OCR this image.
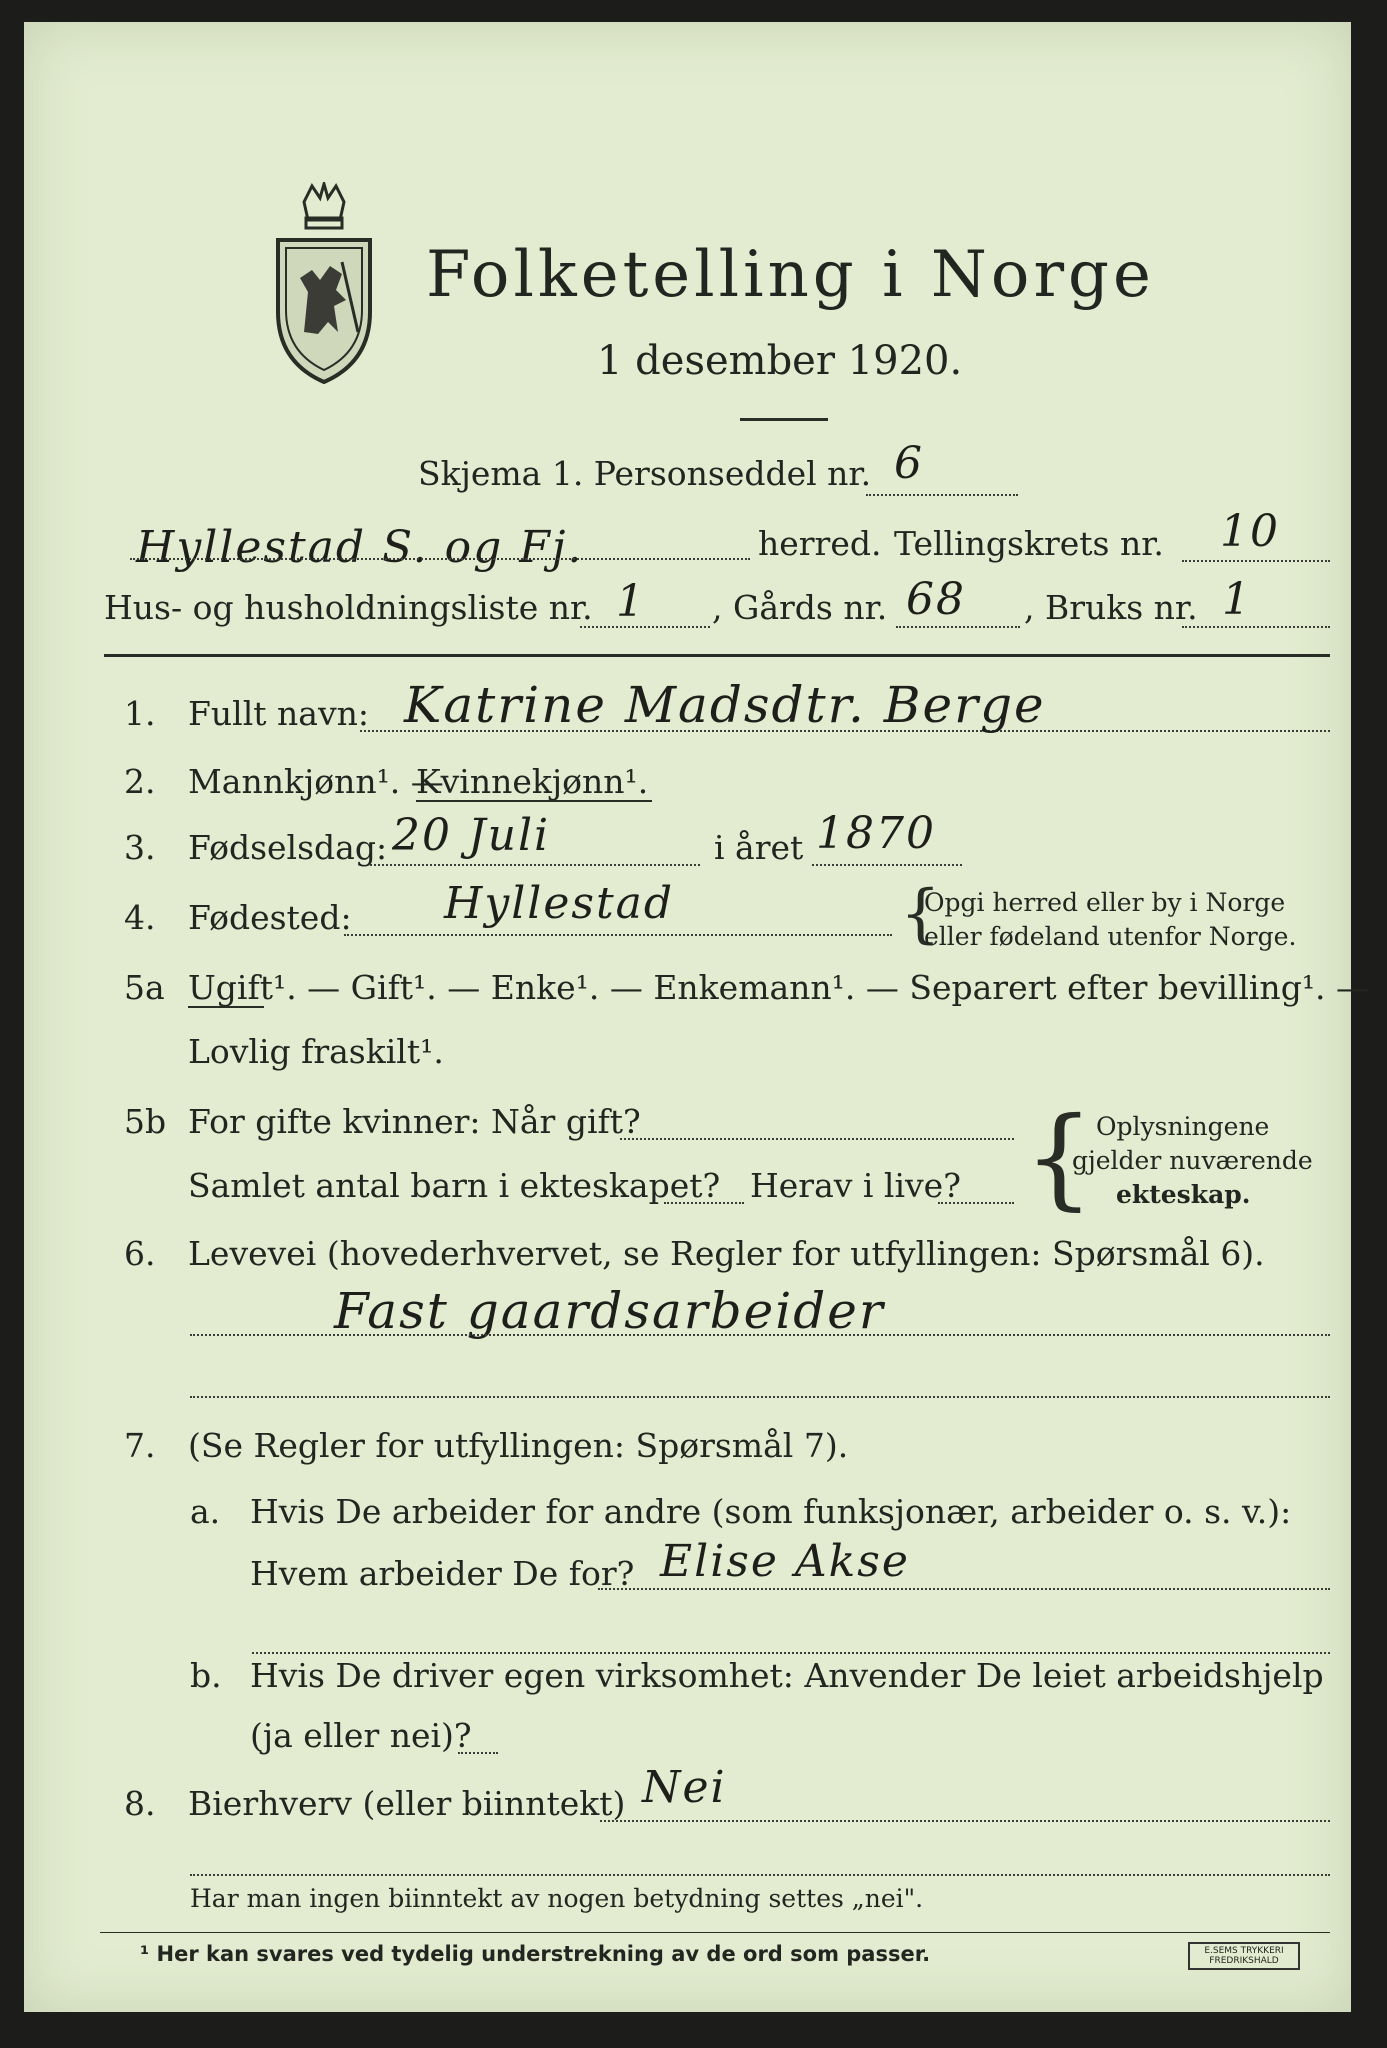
Folketelling i Norge
1 desember 1920.
Skjema 1. Personseddel nr. 6
Hyllestad S. og Fj.	herred. Tellingskrets nr. 10
Hus- og husholdningsliste nr. 1 , Gårds nr. 68 , Bruks nr. 1
1. Fullt navn: Katrine Madsdtr. Berge
2. Mannkjønn¹. —
Kvinnekjønn¹.
3. Fødselsdag: 20 Juli	i året 1870
4. Fødested: Hyllestad	{
Opgi herred eller by i Norge
eller fødeland utenfor Norge.
5a Ugift¹. — Gift¹. — Enke¹. — Enkemann¹. — Separert efter bevilling¹. —
Lovlig fraskilt¹.
5b For gifte kvinner: Når gift?
Samlet antal barn i ekteskapet? Herav i live? { Oplysningene
gjelder nuværende
ekteskap.
6. Levevei (hovederhvervet, se Regler for utfyllingen: Spørsmål 6).
Fast gaardsarbeider
7. (Se Regler for utfyllingen: Spørsmål 7).
a. Hvis De arbeider for andre (som funksjonær, arbeider o. s. v.):
Hvem arbeider De for? Elise Akse
b. Hvis De driver egen virksomhet: Anvender De leiet arbeidshjelp
(ja eller nei)?
8. Bierhverv (eller biinntekt) Nei
Har man ingen biinntekt av nogen betydning settes „nei".
¹ Her kan svares ved tydelig understrekning av de ord som passer.	E.SEMS TRYKKERI
FREDRIKSHALD
